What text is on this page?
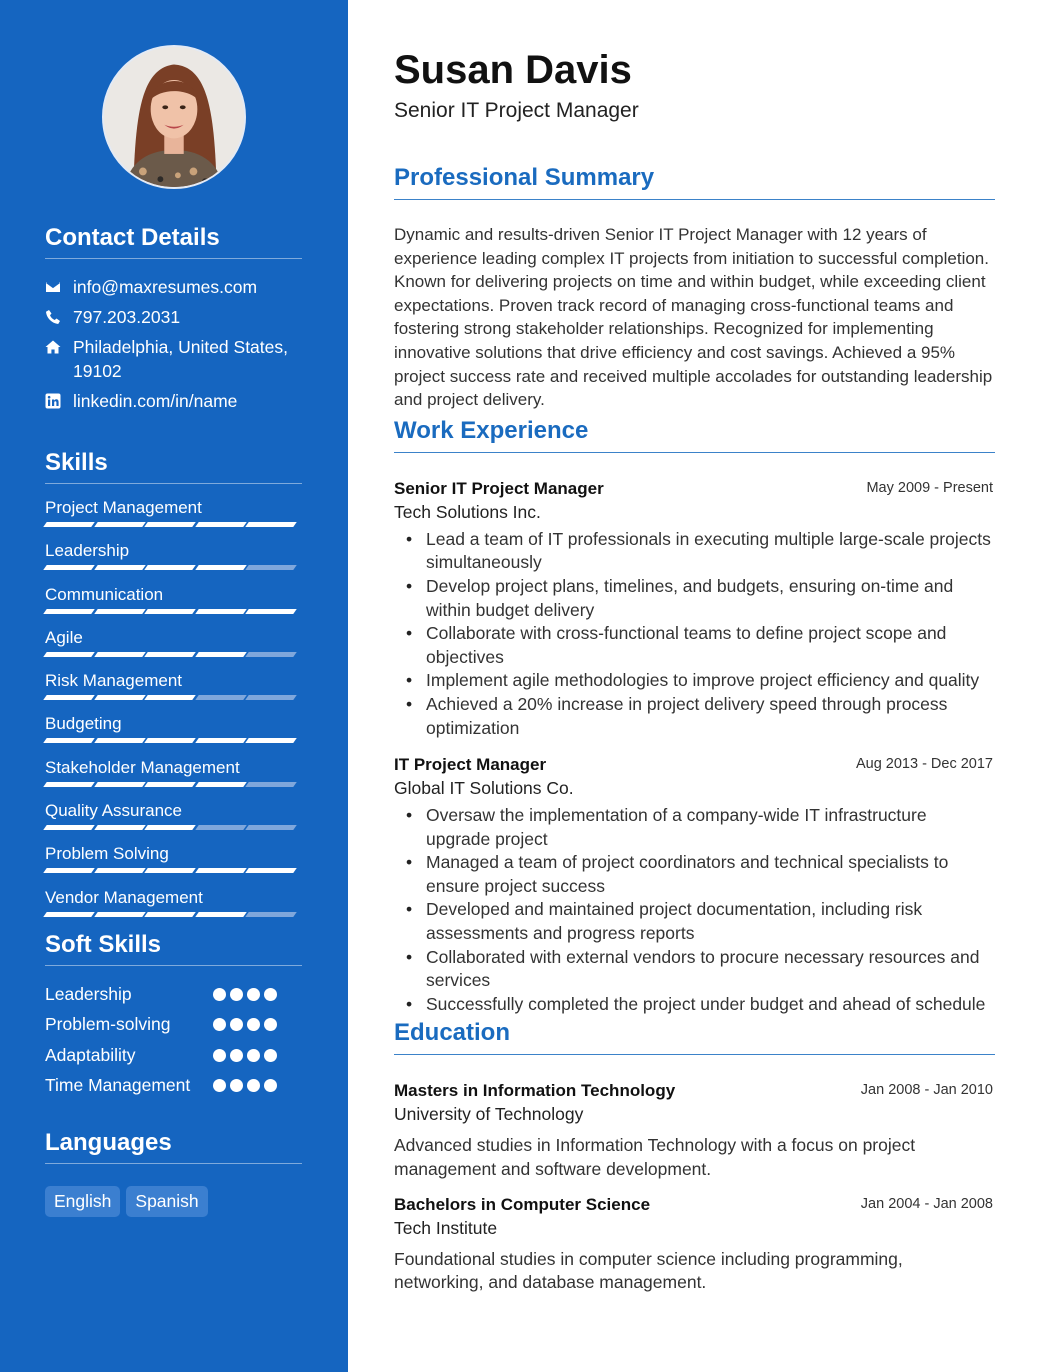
Contact Details
info@maxresumes.com
797.203.2031
Philadelphia, United States, 19102
linkedin.com/in/name
Skills
Project Management
Leadership
Communication
Agile
Risk Management
Budgeting
Stakeholder Management
Quality Assurance
Problem Solving
Vendor Management
Soft Skills
Leadership
Problem-solving
Adaptability
Time Management
Languages
English	Spanish
Susan Davis
Senior IT Project Manager
Professional Summary

Dynamic and results-driven Senior IT Project Manager with 12 years of experience leading complex IT projects from initiation to successful completion. Known for delivering projects on time and within budget, while exceeding client expectations. Proven track record of managing cross-functional teams and fostering strong stakeholder relationships. Recognized for implementing innovative solutions that drive efficiency and cost savings. Achieved a 95% project success rate and received multiple accolades for outstanding leadership and project delivery.

Work Experience
Senior IT Project Manager	May 2009 - Present
Tech Solutions Inc.
• Lead a team of IT professionals in executing multiple large-scale projects simultaneously
• Develop project plans, timelines, and budgets, ensuring on-time and within budget delivery
• Collaborate with cross-functional teams to define project scope and objectives
• Implement agile methodologies to improve project efficiency and quality
• Achieved a 20% increase in project delivery speed through process optimization
IT Project Manager	Aug 2013 - Dec 2017
Global IT Solutions Co.
• Oversaw the implementation of a company-wide IT infrastructure upgrade project
• Managed a team of project coordinators and technical specialists to ensure project success
• Developed and maintained project documentation, including risk assessments and progress reports
• Collaborated with external vendors to procure necessary resources and services
• Successfully completed the project under budget and ahead of schedule
Education
Masters in Information Technology	Jan 2008 - Jan 2010
University of Technology

Advanced studies in Information Technology with a focus on project management and software development.

Bachelors in Computer Science	Jan 2004 - Jan 2008
Tech Institute

Foundational studies in computer science including programming, networking, and database management.
